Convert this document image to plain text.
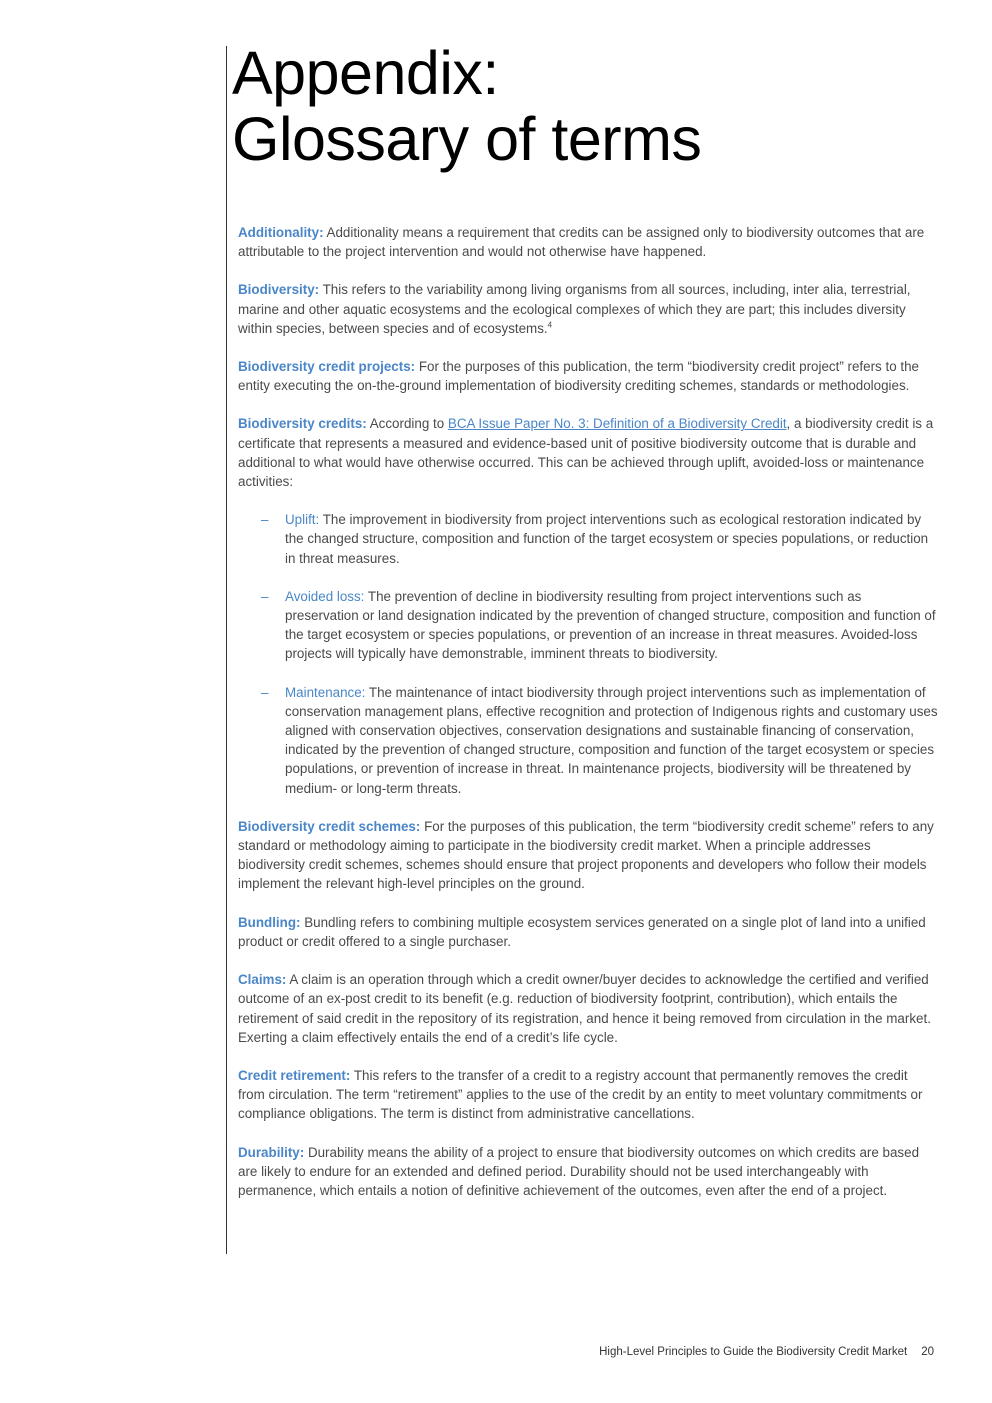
Appendix:
Glossary of terms

Additionality: Additionality means a requirement that credits can be assigned only to biodiversity outcomes that are attributable to the project intervention and would not otherwise have happened.

Biodiversity: This refers to the variability among living organisms from all sources, including, inter alia, terrestrial, marine and other aquatic ecosystems and the ecological complexes of which they are part; this includes diversity within species, between species and of ecosystems.$^4$

Biodiversity credit projects: For the purposes of this publication, the term “biodiversity credit project” refers to the entity executing the on-the-ground implementation of biodiversity crediting schemes, standards or methodologies.

Biodiversity credits: According to BCA Issue Paper No. 3: Definition of a Biodiversity Credit, a biodiversity credit is a certificate that represents a measured and evidence-based unit of positive biodiversity outcome that is durable and additional to what would have otherwise occurred. This can be achieved through uplift, avoided-loss or maintenance activities:

– Uplift: The improvement in biodiversity from project interventions such as ecological restoration indicated by the changed structure, composition and function of the target ecosystem or species populations, or reduction in threat measures.
– Avoided loss: The prevention of decline in biodiversity resulting from project interventions such as preservation or land designation indicated by the prevention of changed structure, composition and function of the target ecosystem or species populations, or prevention of an increase in threat measures. Avoided-loss projects will typically have demonstrable, imminent threats to biodiversity.
– Maintenance: The maintenance of intact biodiversity through project interventions such as implementation of conservation management plans, effective recognition and protection of Indigenous rights and customary uses aligned with conservation objectives, conservation designations and sustainable financing of conservation, indicated by the prevention of changed structure, composition and function of the target ecosystem or species populations, or prevention of increase in threat. In maintenance projects, biodiversity will be threatened by medium- or long-term threats.

Biodiversity credit schemes: For the purposes of this publication, the term “biodiversity credit scheme” refers to any standard or methodology aiming to participate in the biodiversity credit market. When a principle addresses biodiversity credit schemes, schemes should ensure that project proponents and developers who follow their models implement the relevant high-level principles on the ground.

Bundling: Bundling refers to combining multiple ecosystem services generated on a single plot of land into a unified product or credit offered to a single purchaser.

Claims: A claim is an operation through which a credit owner/buyer decides to acknowledge the certified and verified outcome of an ex-post credit to its benefit (e.g. reduction of biodiversity footprint, contribution), which entails the retirement of said credit in the repository of its registration, and hence it being removed from circulation in the market. Exerting a claim effectively entails the end of a credit’s life cycle.

Credit retirement: This refers to the transfer of a credit to a registry account that permanently removes the credit from circulation. The term “retirement” applies to the use of the credit by an entity to meet voluntary commitments or compliance obligations. The term is distinct from administrative cancellations.

Durability: Durability means the ability of a project to ensure that biodiversity outcomes on which credits are based are likely to endure for an extended and defined period. Durability should not be used interchangeably with permanence, which entails a notion of definitive achievement of the outcomes, even after the end of a project.

High-Level Principles to Guide the Biodiversity Credit Market 20
